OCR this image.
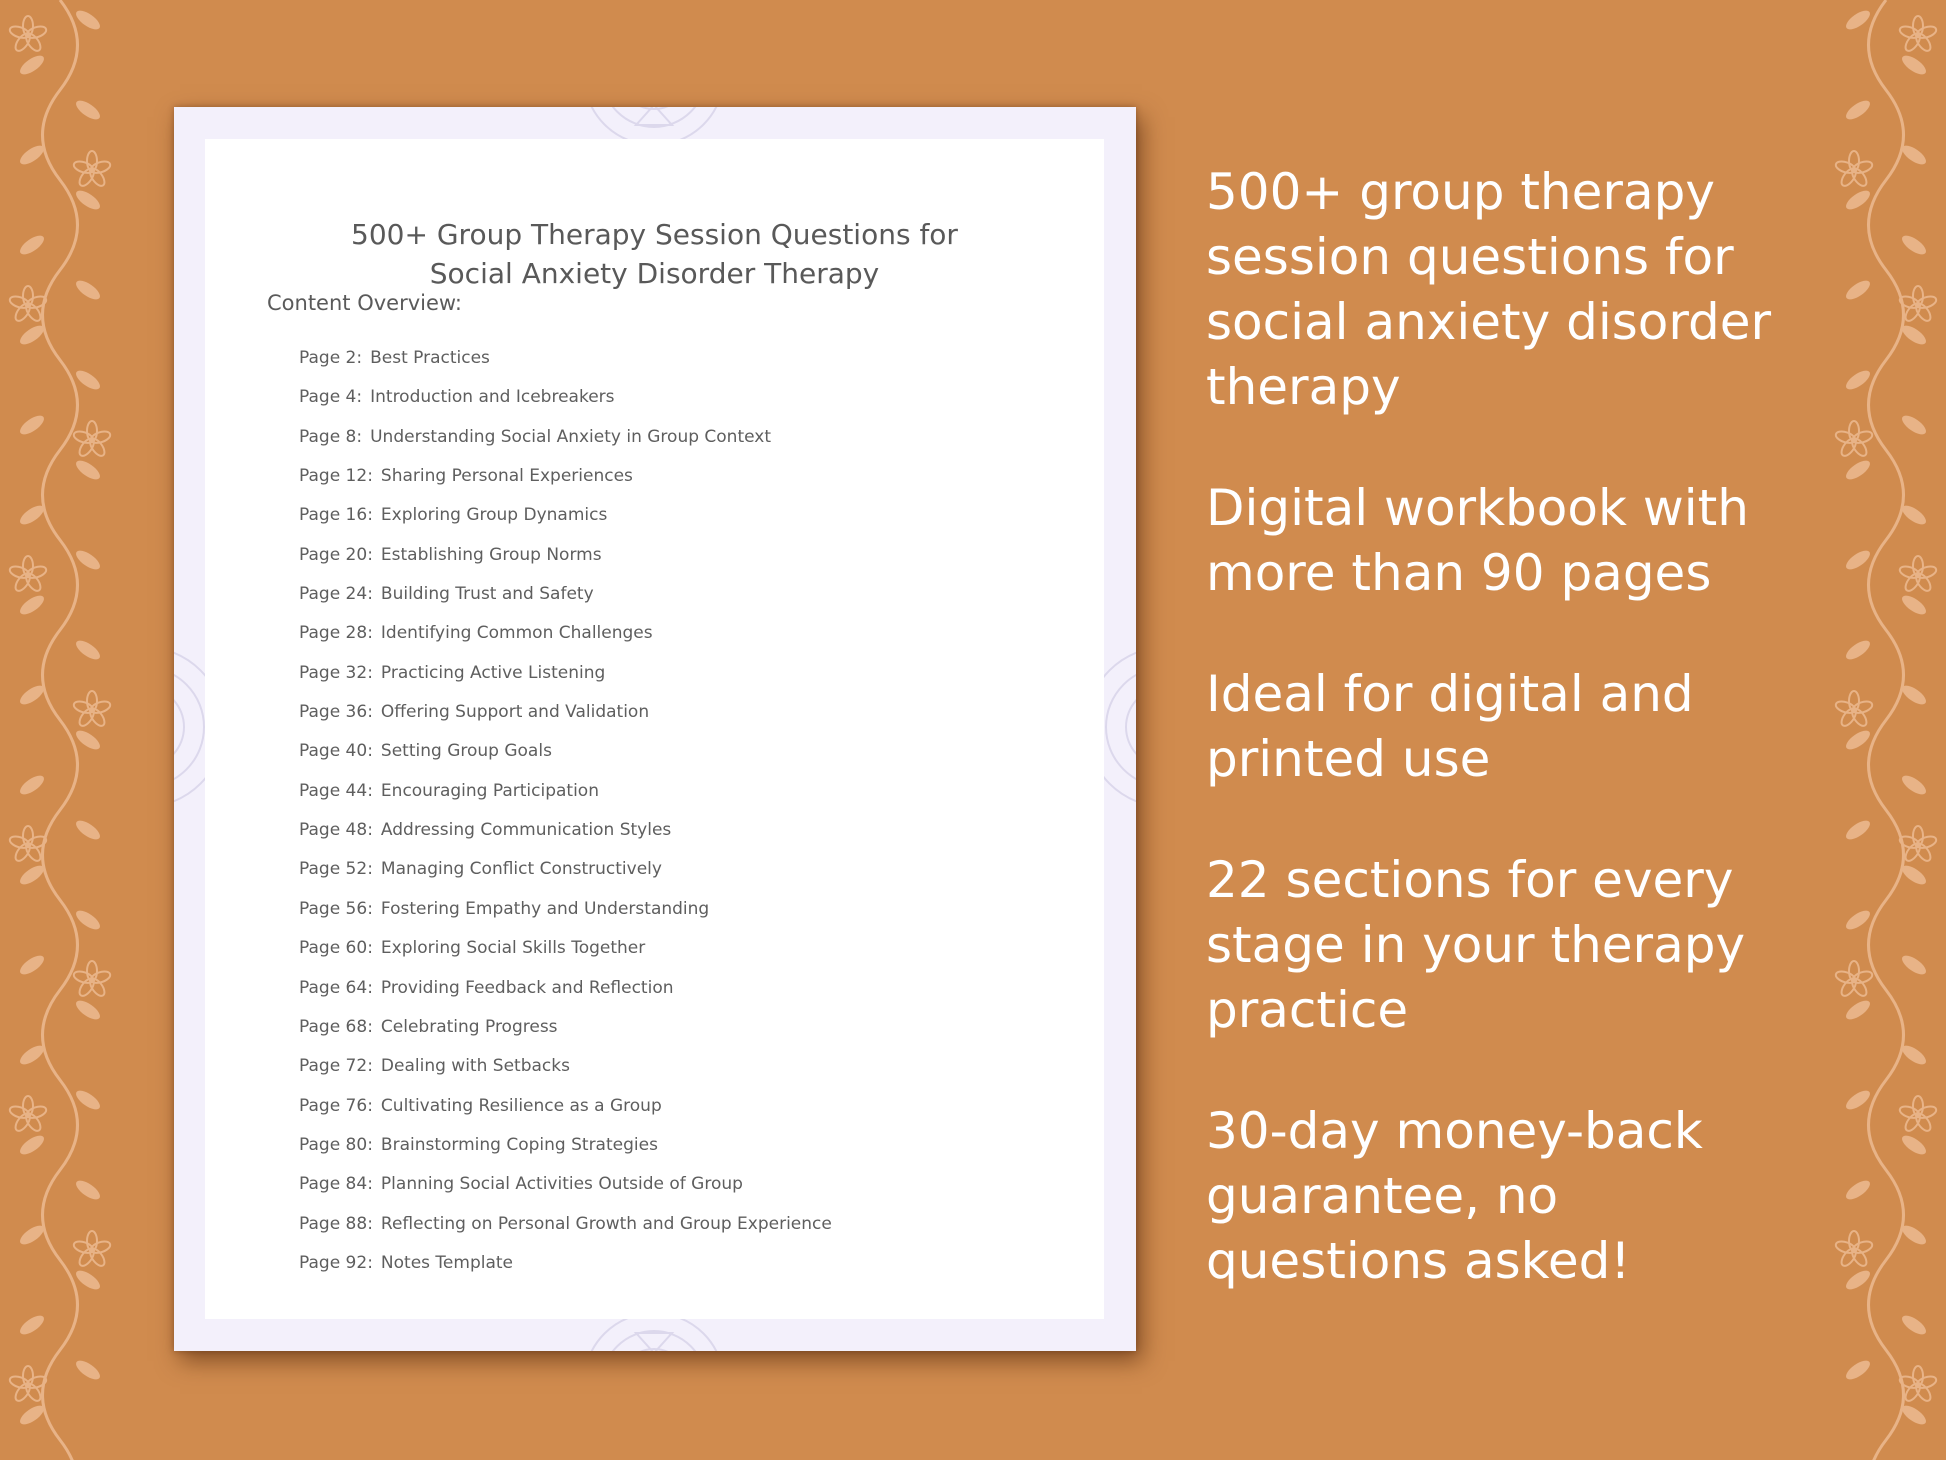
500+ Group Therapy Session Questions for
Social Anxiety Disorder Therapy
Content Overview:
Page 2: Best Practices
Page 4: Introduction and Icebreakers
Page 8: Understanding Social Anxiety in Group Context
Page 12: Sharing Personal Experiences
Page 16: Exploring Group Dynamics
Page 20: Establishing Group Norms
Page 24: Building Trust and Safety
Page 28: Identifying Common Challenges
Page 32: Practicing Active Listening
Page 36: Offering Support and Validation
Page 40: Setting Group Goals
Page 44: Encouraging Participation
Page 48: Addressing Communication Styles
Page 52: Managing Conflict Constructively
Page 56: Fostering Empathy and Understanding
Page 60: Exploring Social Skills Together
Page 64: Providing Feedback and Reflection
Page 68: Celebrating Progress
Page 72: Dealing with Setbacks
Page 76: Cultivating Resilience as a Group
Page 80: Brainstorming Coping Strategies
Page 84: Planning Social Activities Outside of Group
Page 88: Reflecting on Personal Growth and Group Experience
Page 92: Notes Template

500+ group therapy session questions for social anxiety disorder therapy

Digital workbook with more than 90 pages

Ideal for digital and printed use

22 sections for every stage in your therapy practice

30-day money-back guarantee, no questions asked!
